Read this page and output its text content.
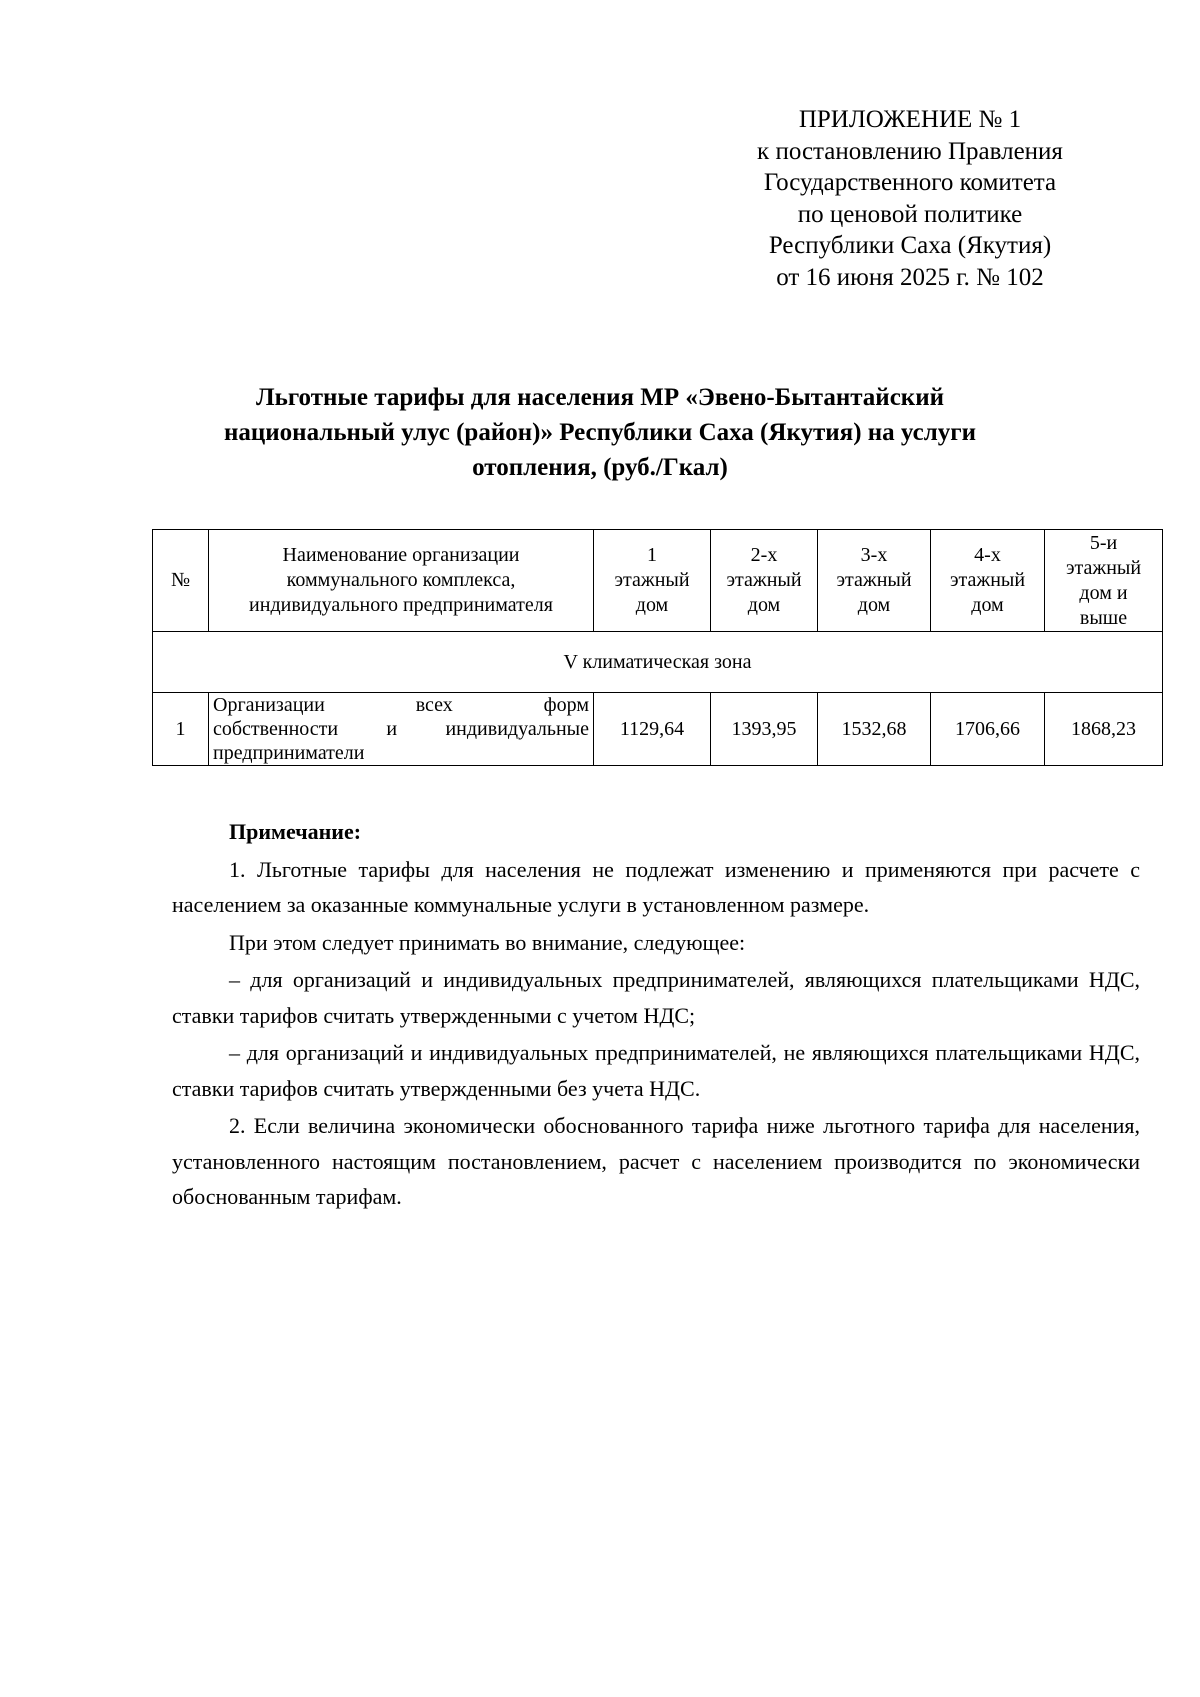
ПРИЛОЖЕНИЕ № 1
к постановлению Правления
Государственного комитета
по ценовой политике
Республики Саха (Якутия)
от 16 июня 2025 г. № 102
Льготные тарифы для населения МР «Эвено-Бытантайский
национальный улус (район)» Республики Саха (Якутия) на услуги
отопления, (руб./Гкал)
№	Наименование организации
коммунального комплекса,
индивидуального предпринимателя	1
этажный
дом	2-х
этажный
дом	3-х
этажный
дом	4-х
этажный
дом	5-и
этажный
дом и
выше

V климатическая зона						
1	Организации всех форм
собственности и индивидуальные
предприниматели	1129,64	1393,95	1532,68	1706,66	1868,23

Примечание:

1. Льготные тарифы для населения не подлежат изменению и применяются при расчете с населением за оказанные коммунальные услуги в установленном размере.

При этом следует принимать во внимание, следующее:

– для организаций и индивидуальных предпринимателей, являющихся плательщиками НДС, ставки тарифов считать утвержденными с учетом НДС;

– для организаций и индивидуальных предпринимателей, не являющихся плательщиками НДС, ставки тарифов считать утвержденными без учета НДС.

2. Если величина экономически обоснованного тарифа ниже льготного тарифа для населения, установленного настоящим постановлением, расчет с населением производится по экономически обоснованным тарифам.
